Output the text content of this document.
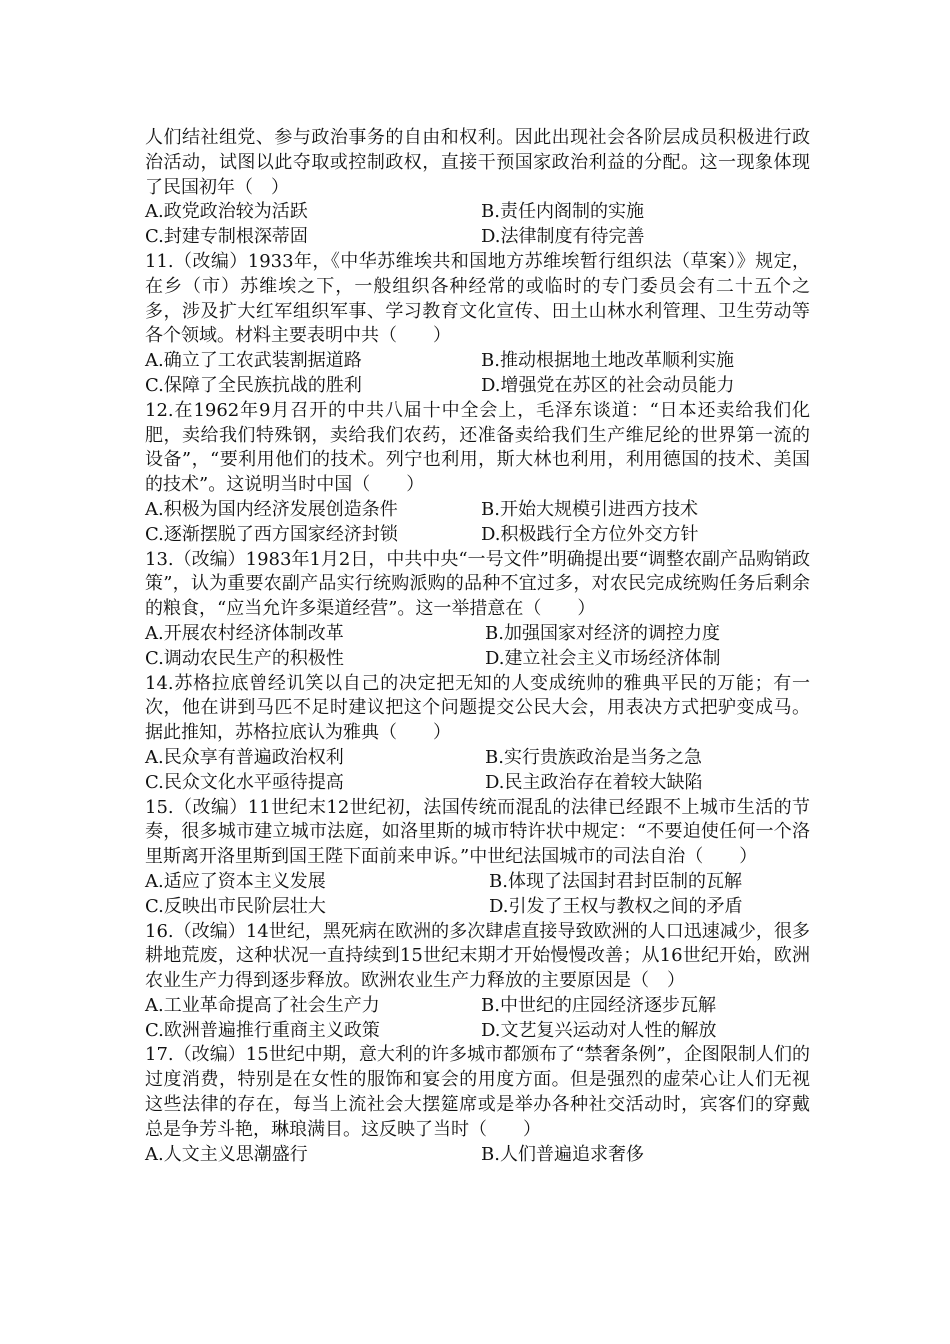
人们结社组党、参与政治事务的自由和权利。因此出现社会各阶层成员积极进行政治活动，试图以此夺取或控制政权，直接干预国家政治利益的分配。这一现象体现了民国初年（　）
A.政党政治较为活跃	B.责任内阁制的实施
C.封建专制根深蒂固	D.法律制度有待完善
11.（改编）1933年，《中华苏维埃共和国地方苏维埃暂行组织法（草案）》规定，在乡（市）苏维埃之下，一般组织各种经常的或临时的专门委员会有二十五个之多，涉及扩大红军组织军事、学习教育文化宣传、田土山林水利管理、卫生劳动等各个领域。材料主要表明中共（　　）
A.确立了工农武装割据道路	B.推动根据地土地改革顺利实施
C.保障了全民族抗战的胜利	D.增强党在苏区的社会动员能力
12.在1962年9月召开的中共八届十中全会上，毛泽东谈道：“日本还卖给我们化肥，卖给我们特殊钢，卖给我们农药，还准备卖给我们生产维尼纶的世界第一流的设备”，“要利用他们的技术。列宁也利用，斯大林也利用，利用德国的技术、美国的技术”。这说明当时中国（　　）
A.积极为国内经济发展创造条件	B.开始大规模引进西方技术
C.逐渐摆脱了西方国家经济封锁	D.积极践行全方位外交方针
13.（改编）1983年1月2日，中共中央“一号文件”明确提出要“调整农副产品购销政策”，认为重要农副产品实行统购派购的品种不宜过多，对农民完成统购任务后剩余的粮食，“应当允许多渠道经营”。这一举措意在（　　）
A.开展农村经济体制改革	B.加强国家对经济的调控力度
C.调动农民生产的积极性	D.建立社会主义市场经济体制
14.苏格拉底曾经讥笑以自己的决定把无知的人变成统帅的雅典平民的万能；有一次，他在讲到马匹不足时建议把这个问题提交公民大会，用表决方式把驴变成马。据此推知，苏格拉底认为雅典（　　）
A.民众享有普遍政治权利	B.实行贵族政治是当务之急
C.民众文化水平亟待提高	D.民主政治存在着较大缺陷
15.（改编）11世纪末12世纪初，法国传统而混乱的法律已经跟不上城市生活的节奏，很多城市建立城市法庭，如洛里斯的城市特许状中规定：“不要迫使任何一个洛里斯离开洛里斯到国王陛下面前来申诉。”中世纪法国城市的司法自治（　　）
A.适应了资本主义发展	B.体现了法国封君封臣制的瓦解
C.反映出市民阶层壮大	D.引发了王权与教权之间的矛盾
16.（改编）14世纪，黑死病在欧洲的多次肆虐直接导致欧洲的人口迅速减少，很多耕地荒废，这种状况一直持续到15世纪末期才开始慢慢改善；从16世纪开始，欧洲农业生产力得到逐步释放。欧洲农业生产力释放的主要原因是（　）
A.工业革命提高了社会生产力	B.中世纪的庄园经济逐步瓦解
C.欧洲普遍推行重商主义政策	D.文艺复兴运动对人性的解放
17.（改编）15世纪中期，意大利的许多城市都颁布了“禁奢条例”，企图限制人们的过度消费，特别是在女性的服饰和宴会的用度方面。但是强烈的虚荣心让人们无视这些法律的存在，每当上流社会大摆筵席或是举办各种社交活动时，宾客们的穿戴总是争芳斗艳，琳琅满目。这反映了当时（　　）
A.人文主义思潮盛行	B.人们普遍追求奢侈
